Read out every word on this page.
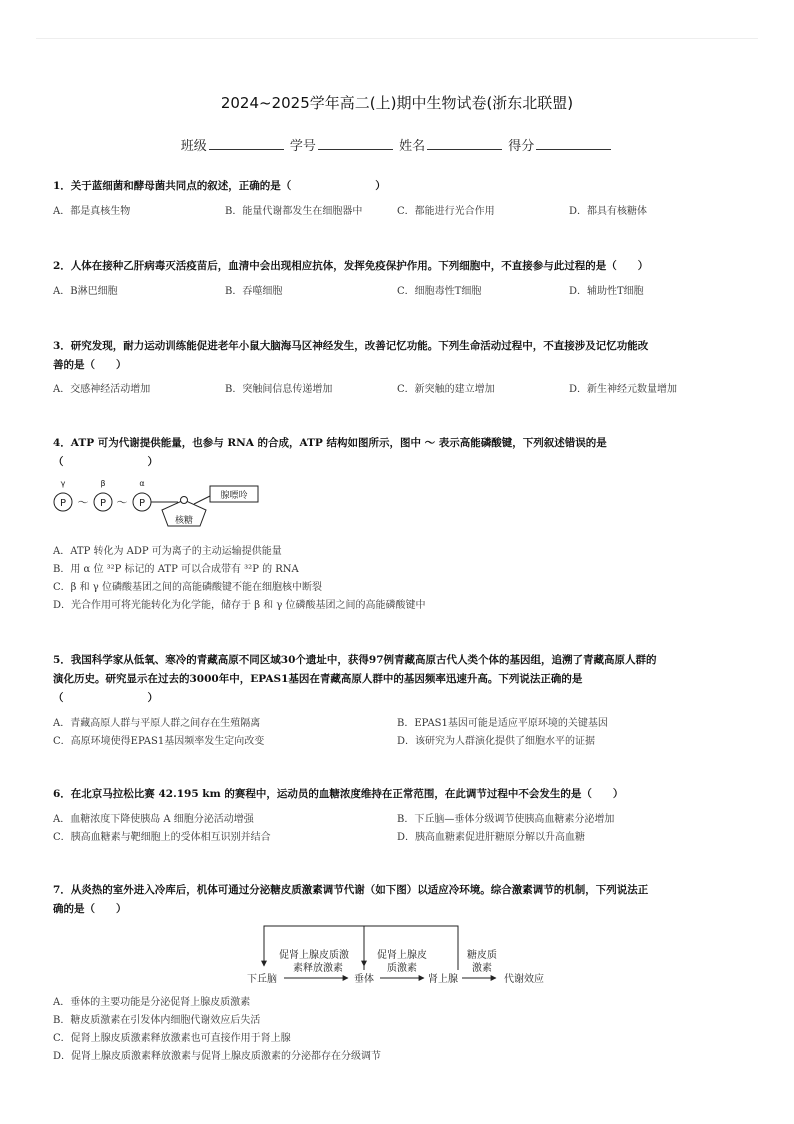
2024~2025学年高二(上)期中生物试卷(浙东北联盟)
班级	学号	姓名	得分
1．关于蓝细菌和酵母菌共同点的叙述，正确的是（　　　　　　　　）
A．都是真核生物	B．能量代谢都发生在细胞器中	C．都能进行光合作用	D．都具有核糖体
2．人体在接种乙肝病毒灭活疫苗后，血清中会出现相应抗体，发挥免疫保护作用。下列细胞中，不直接参与此过程的是（　　）
A．B淋巴细胞	B．吞噬细胞	C．细胞毒性T细胞	D．辅助性T细胞
3．研究发现，耐力运动训练能促进老年小鼠大脑海马区神经发生，改善记忆功能。下列生命活动过程中，不直接涉及记忆功能改
善的是（　　）
A．交感神经活动增加	B．突触间信息传递增加	C．新突触的建立增加	D．新生神经元数量增加
4．ATP 可为代谢提供能量，也参与 RNA 的合成，ATP 结构如图所示，图中 ～ 表示高能磷酸键，下列叙述错误的是
（　　　　　　　　）
P	P	P
～	～
γ	β	α
腺嘌呤
核糖
A．ATP 转化为 ADP 可为离子的主动运输提供能量
B．用 α 位 ³²P 标记的 ATP 可以合成带有 ³²P 的 RNA
C．β 和 γ 位磷酸基团之间的高能磷酸键不能在细胞核中断裂
D．光合作用可将光能转化为化学能，储存于 β 和 γ 位磷酸基团之间的高能磷酸键中
5．我国科学家从低氧、寒冷的青藏高原不同区域30个遗址中，获得97例青藏高原古代人类个体的基因组，追溯了青藏高原人群的
演化历史。研究显示在过去的3000年中，EPAS1基因在青藏高原人群中的基因频率迅速升高。下列说法正确的是
（　　　　　　　　）
A．青藏高原人群与平原人群之间存在生殖隔离	B．EPAS1基因可能是适应平原环境的关键基因
C．高原环境使得EPAS1基因频率发生定向改变	D．该研究为人群演化提供了细胞水平的证据
6．在北京马拉松比赛 42.195 km 的赛程中，运动员的血糖浓度维持在正常范围，在此调节过程中不会发生的是（　　）
A．血糖浓度下降使胰岛 A 细胞分泌活动增强	B．下丘脑—垂体分级调节使胰高血糖素分泌增加
C．胰高血糖素与靶细胞上的受体相互识别并结合	D．胰高血糖素促进肝糖原分解以升高血糖
7．从炎热的室外进入冷库后，机体可通过分泌糖皮质激素调节代谢（如下图）以适应冷环境。综合激素调节的机制，下列说法正
确的是（　　）
促肾上腺皮质激
素释放激素
促肾上腺皮
质激素
糖皮质
激素
下丘脑	垂体	肾上腺	代谢效应
A．垂体的主要功能是分泌促肾上腺皮质激素
B．糖皮质激素在引发体内细胞代谢效应后失活
C．促肾上腺皮质激素释放激素也可直接作用于肾上腺
D．促肾上腺皮质激素释放激素与促肾上腺皮质激素的分泌都存在分级调节
